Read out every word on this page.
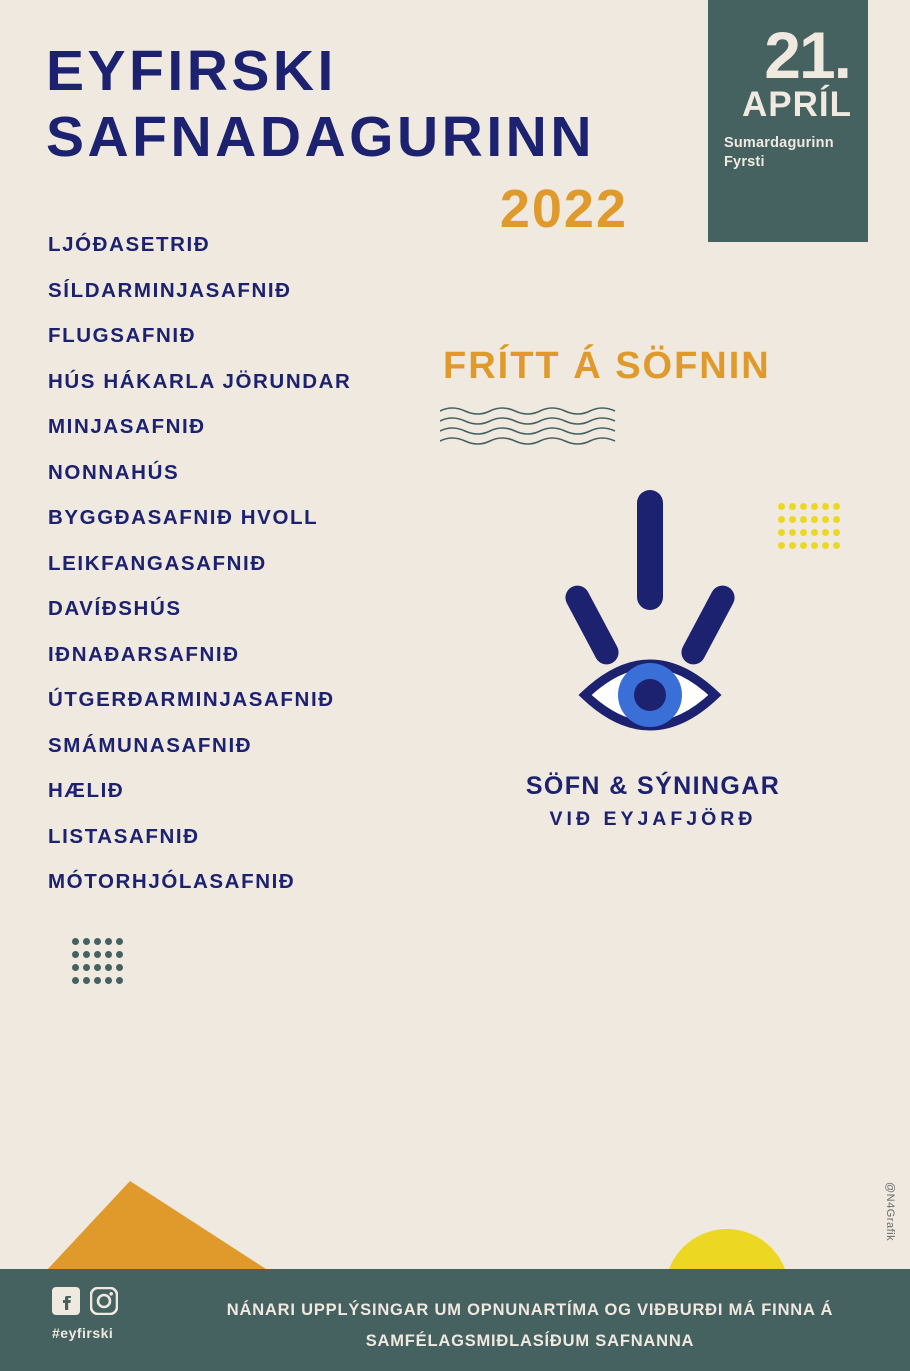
21.
APRÍL
Sumardagurinn
Fyrsti
EYFIRSKI
SAFNADAGURINN
2022
LJÓÐASETRIÐ
SÍLDARMINJASAFNIÐ
FLUGSAFNIÐ
HÚS HÁKARLA JÖRUNDAR
MINJASAFNIÐ
NONNAHÚS
BYGGÐASAFNIÐ HVOLL
LEIKFANGASAFNIÐ
DAVÍÐSHÚS
IÐNAÐARSAFNIÐ
ÚTGERÐARMINJASAFNIÐ
SMÁMUNASAFNIÐ
HÆLIÐ
LISTASAFNIÐ
MÓTORHJÓLASAFNIÐ
FRÍTT Á SÖFNIN
SÖFN & SÝNINGAR
VIÐ EYJAFJÖRÐ
@N4Grafik
#eyfirski
NÁNARI UPPLÝSINGAR UM OPNUNARTÍMA OG VIÐBURÐI MÁ FINNA Á
SAMFÉLAGSMIÐLASÍÐUM SAFNANNA
